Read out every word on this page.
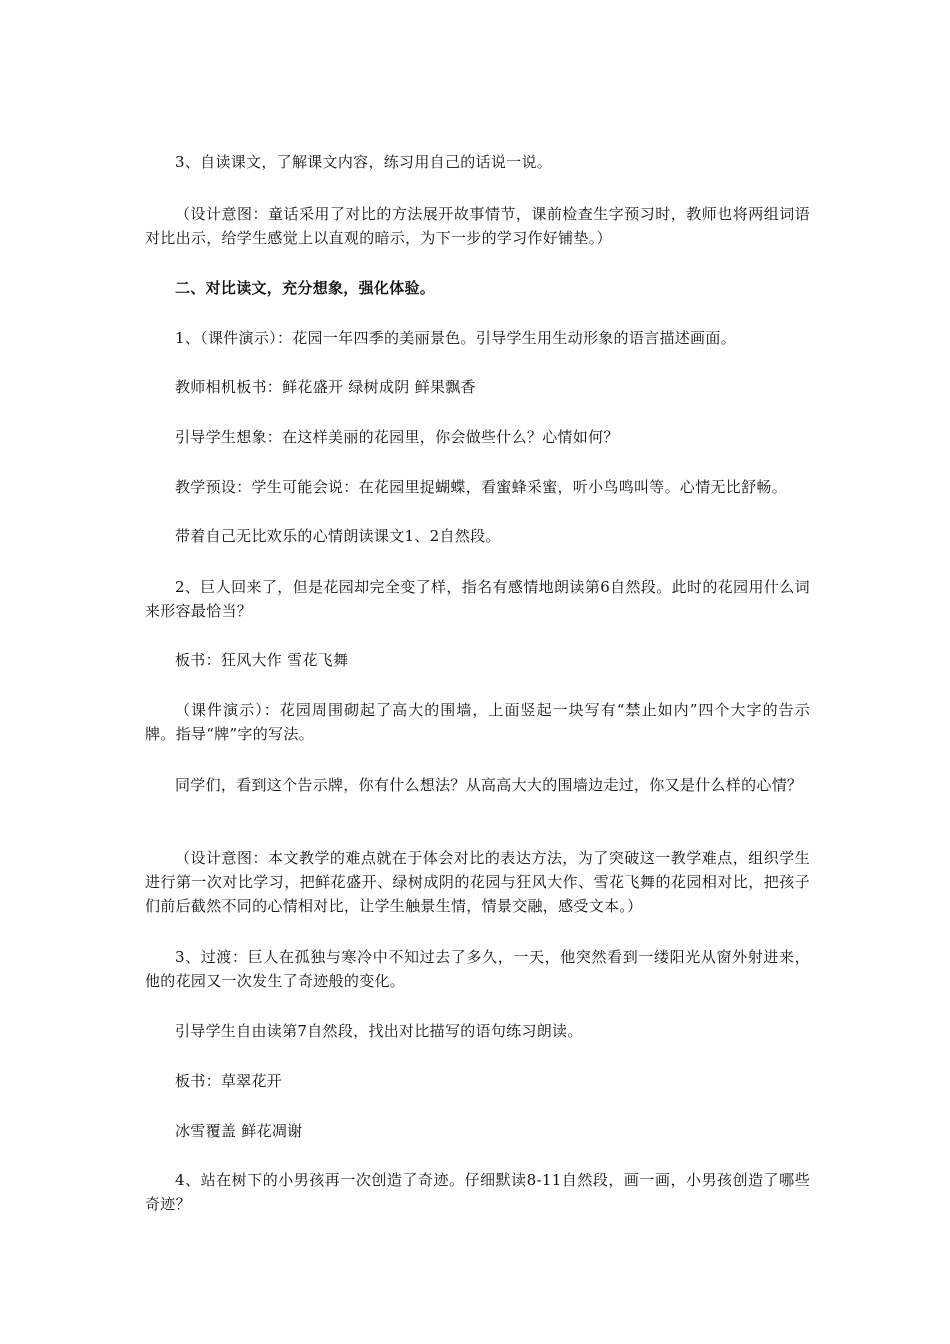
3、自读课文，了解课文内容，练习用自己的话说一说。

（设计意图：童话采用了对比的方法展开故事情节，课前检查生字预习时，教师也将两组词语对比出示，给学生感觉上以直观的暗示，为下一步的学习作好铺垫。）

二、对比读文，充分想象，强化体验。

1、（课件演示）：花园一年四季的美丽景色。引导学生用生动形象的语言描述画面。

教师相机板书：鲜花盛开 绿树成阴 鲜果飘香

引导学生想象：在这样美丽的花园里，你会做些什么？心情如何？

教学预设：学生可能会说：在花园里捉蝴蝶，看蜜蜂采蜜，听小鸟鸣叫等。心情无比舒畅。

带着自己无比欢乐的心情朗读课文1、2自然段。

2、巨人回来了，但是花园却完全变了样，指名有感情地朗读第6自然段。此时的花园用什么词来形容最恰当？

板书：狂风大作 雪花飞舞

（课件演示）：花园周围砌起了高大的围墙，上面竖起一块写有“禁止如内”四个大字的告示牌。指导“牌”字的写法。

同学们，看到这个告示牌，你有什么想法？从高高大大的围墙边走过，你又是什么样的心情？

（设计意图：本文教学的难点就在于体会对比的表达方法，为了突破这一教学难点，组织学生进行第一次对比学习，把鲜花盛开、绿树成阴的花园与狂风大作、雪花飞舞的花园相对比，把孩子们前后截然不同的心情相对比，让学生触景生情，情景交融，感受文本。）

3、过渡：巨人在孤独与寒冷中不知过去了多久，一天，他突然看到一缕阳光从窗外射进来，他的花园又一次发生了奇迹般的变化。

引导学生自由读第7自然段，找出对比描写的语句练习朗读。

板书：草翠花开

冰雪覆盖 鲜花凋谢

4、站在树下的小男孩再一次创造了奇迹。仔细默读8-11自然段，画一画，小男孩创造了哪些奇迹？
